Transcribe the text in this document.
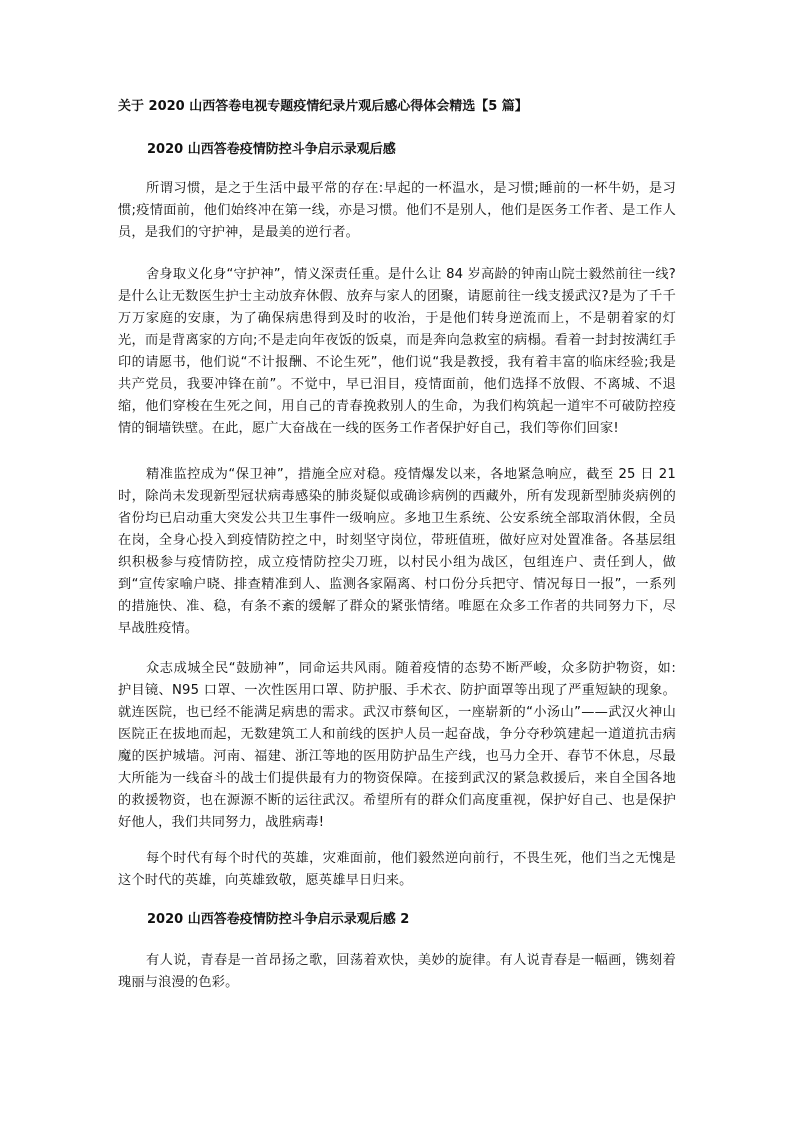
关于 2020 山西答卷电视专题疫情纪录片观后感心得体会精选【5 篇】
2020 山西答卷疫情防控斗争启示录观后感

所谓习惯，是之于生活中最平常的存在:早起的一杯温水，是习惯;睡前的一杯牛奶，是习惯;疫情面前，他们始终冲在第一线，亦是习惯。他们不是别人，他们是医务工作者、是工作人员，是我们的守护神，是最美的逆行者。

舍身取义化身“守护神”，情义深责任重。是什么让 84 岁高龄的钟南山院士毅然前往一线?是什么让无数医生护士主动放弃休假、放弃与家人的团聚，请愿前往一线支援武汉?是为了千千万万家庭的安康，为了确保病患得到及时的收治，于是他们转身逆流而上，不是朝着家的灯光，而是背离家的方向;不是走向年夜饭的饭桌，而是奔向急救室的病榻。看着一封封按满红手印的请愿书，他们说“不计报酬、不论生死”，他们说“我是教授，我有着丰富的临床经验;我是共产党员，我要冲锋在前”。不觉中，早已泪目，疫情面前，他们选择不放假、不离城、不退缩，他们穿梭在生死之间，用自己的青春挽救别人的生命，为我们构筑起一道牢不可破防控疫情的铜墙铁壁。在此，愿广大奋战在一线的医务工作者保护好自己，我们等你们回家!

精准监控成为“保卫神”，措施全应对稳。疫情爆发以来，各地紧急响应，截至 25 日 21 时，除尚未发现新型冠状病毒感染的肺炎疑似或确诊病例的西藏外，所有发现新型肺炎病例的省份均已启动重大突发公共卫生事件一级响应。多地卫生系统、公安系统全部取消休假，全员在岗，全身心投入到疫情防控之中，时刻坚守岗位，带班值班，做好应对处置准备。各基层组织积极参与疫情防控，成立疫情防控尖刀班，以村民小组为战区，包组连户、责任到人，做到“宣传家喻户晓、排查精准到人、监测各家隔离、村口份分兵把守、情况每日一报”，一系列的措施快、准、稳，有条不紊的缓解了群众的紧张情绪。唯愿在众多工作者的共同努力下，尽早战胜疫情。

众志成城全民“鼓励神”，同命运共风雨。随着疫情的态势不断严峻，众多防护物资，如: 护目镜、N95 口罩、一次性医用口罩、防护服、手术衣、防护面罩等出现了严重短缺的现象。就连医院，也已经不能满足病患的需求。武汉市蔡甸区，一座崭新的“小汤山”——武汉火神山医院正在拔地而起，无数建筑工人和前线的医护人员一起奋战，争分夺秒筑建起一道道抗击病魔的医护城墙。河南、福建、浙江等地的医用防护品生产线，也马力全开、春节不休息，尽最大所能为一线奋斗的战士们提供最有力的物资保障。在接到武汉的紧急救援后，来自全国各地的救援物资，也在源源不断的运往武汉。希望所有的群众们高度重视，保护好自己、也是保护好他人，我们共同努力，战胜病毒!

每个时代有每个时代的英雄，灾难面前，他们毅然逆向前行，不畏生死，他们当之无愧是这个时代的英雄，向英雄致敬，愿英雄早日归来。

2020 山西答卷疫情防控斗争启示录观后感 2

有人说，青春是一首昂扬之歌，回荡着欢快，美妙的旋律。有人说青春是一幅画，镌刻着瑰丽与浪漫的色彩。
